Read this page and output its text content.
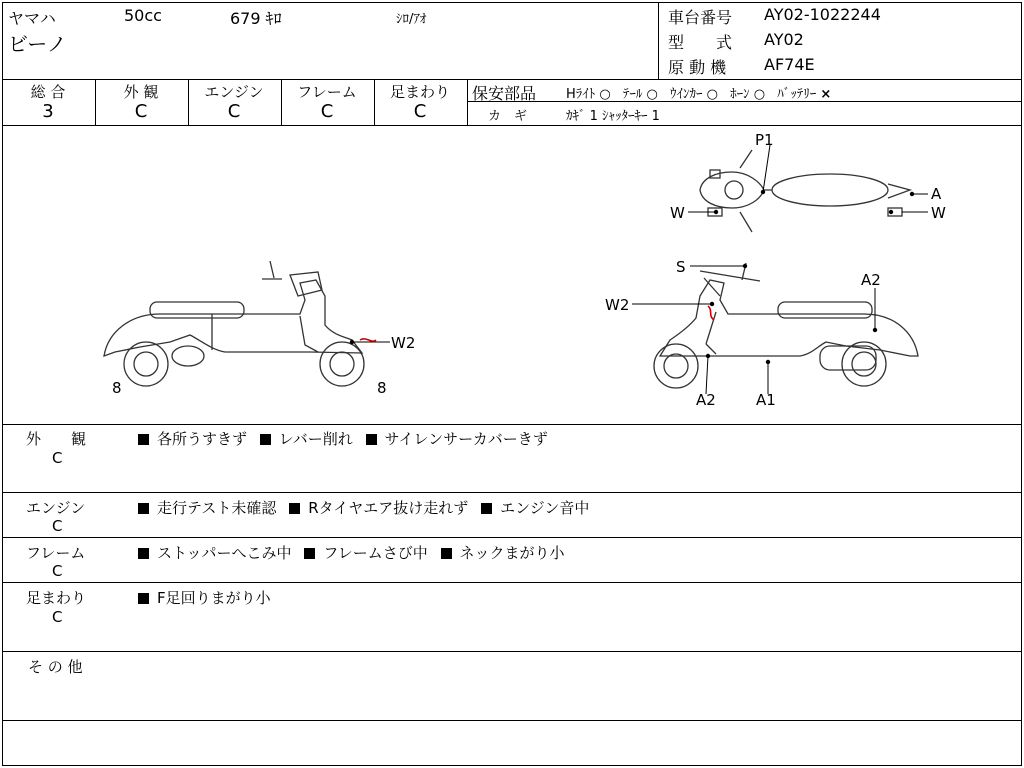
ヤマハ	50cc	679 ｷﾛ	ｼﾛ/ｱｵ
ビーノ
車台番号 AY02-1022244
型　　式 AY02
原 動 機 AF74E
総 合	外 観	エンジン	フレーム	足まわり
3	C	C	C	C
保安部品 Hﾗｲﾄ ○ ﾃｰﾙ ○ ｳｲﾝｶｰ ○ ﾎｰﾝ ○ ﾊﾞｯﾃﾘｰ ×
カ　ギ	ｶｷﾞ 1 ｼｬｯﾀｰｷｰ 1
W2
8	8
P1
A
W	W
S
A2
W2
A2	A1
外　　観
C
各所うすきず レバー削れ サイレンサーカバーきず
エンジン
C
走行テスト未確認 Rタイヤエア抜け走れず エンジン音中
フレーム
C
ストッパーへこみ中 フレームさび中 ネックまがり小
足まわり
C
F足回りまがり小
そ の 他
